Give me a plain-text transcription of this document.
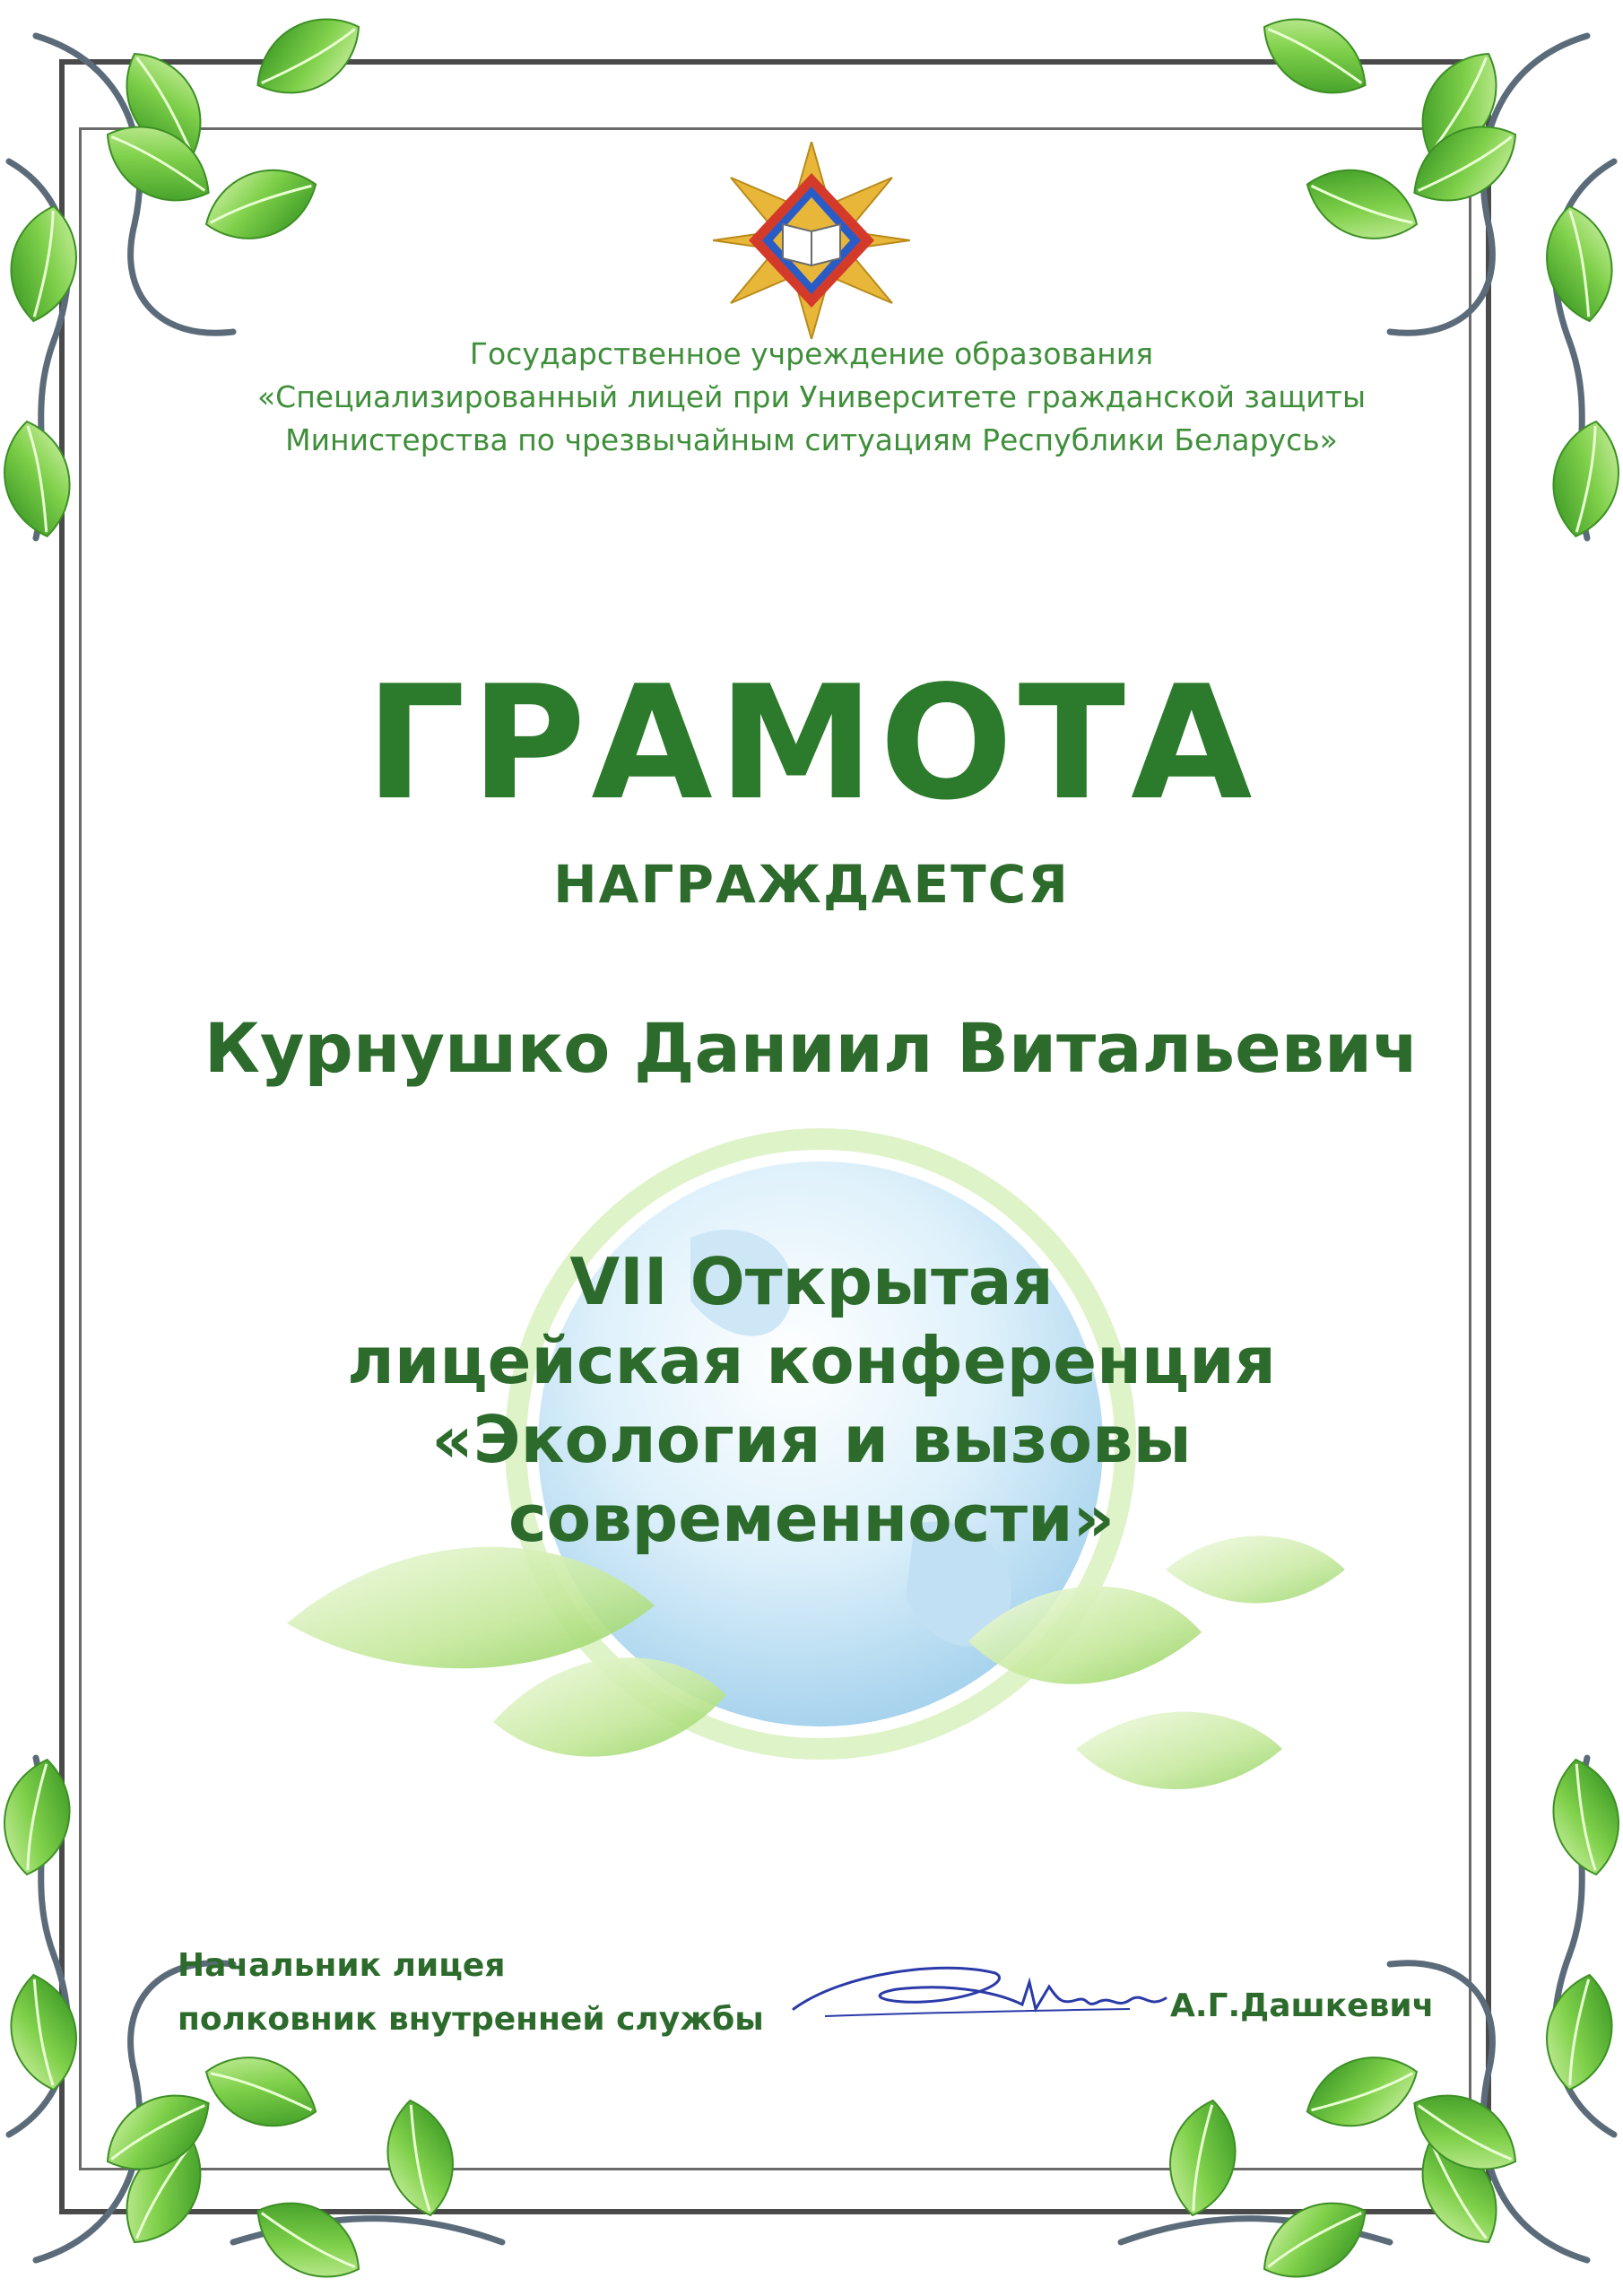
Государственное учреждение образования
«Специализированный лицей при Университете гражданской защиты
Министерства по чрезвычайным ситуациям Республики Беларусь»
ГРАМОТА
НАГРАЖДАЕТСЯ
Курнушко Даниил Витальевич
VII Открытая
лицейская конференция
«Экология и вызовы
современности»
Начальник лицея
полковник внутренней службы	А.Г.Дашкевич
